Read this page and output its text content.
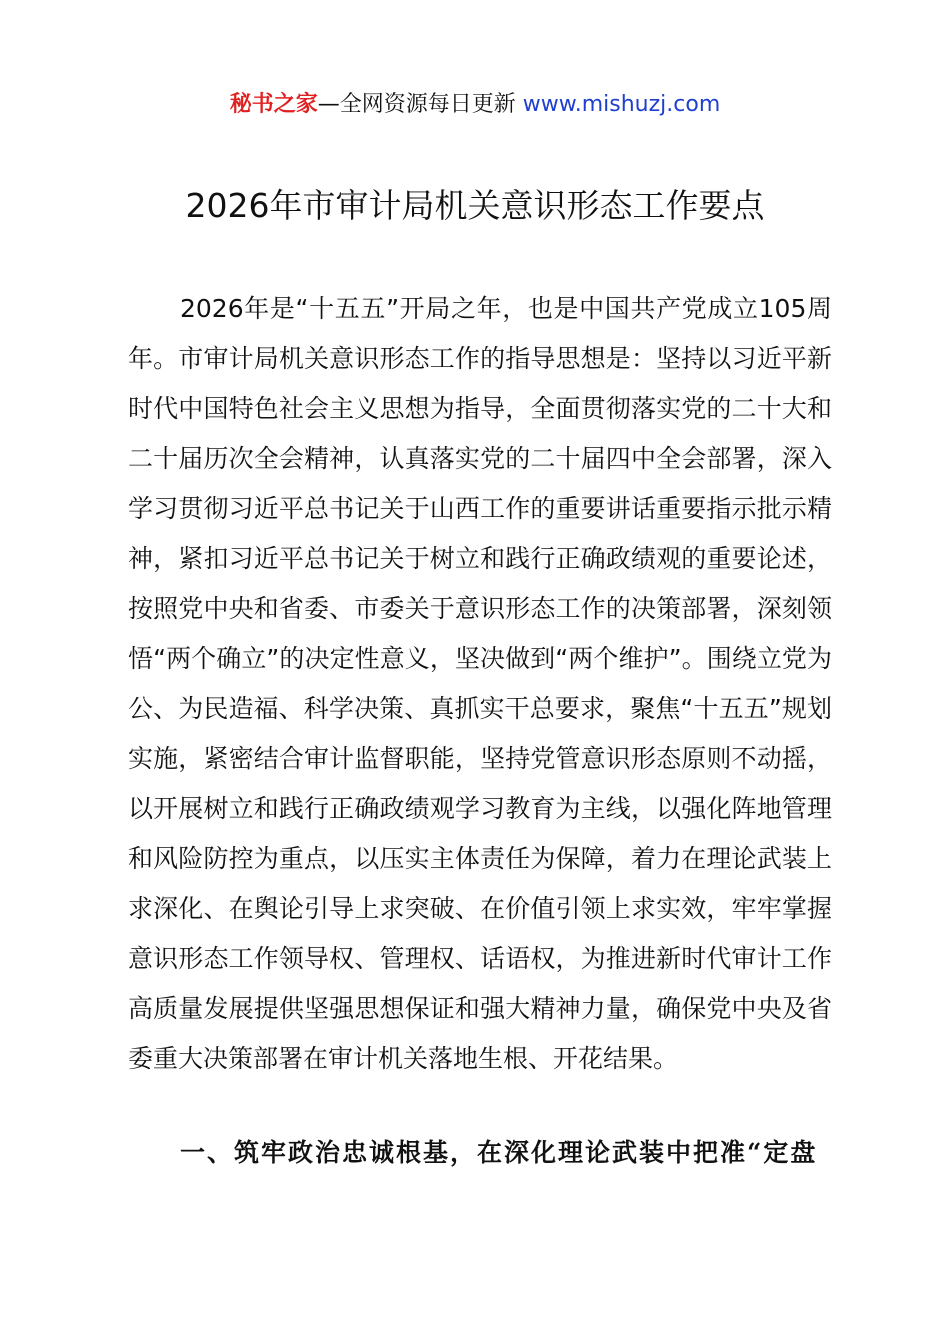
秘书之家—全网资源每日更新 www.mishuzj.com
2026年市审计局机关意识形态工作要点

2026年是“十五五”开局之年，也是中国共产党成立105周年。市审计局机关意识形态工作的指导思想是：坚持以习近平新时代中国特色社会主义思想为指导，全面贯彻落实党的二十大和二十届历次全会精神，认真落实党的二十届四中全会部署，深入学习贯彻习近平总书记关于山西工作的重要讲话重要指示批示精神，紧扣习近平总书记关于树立和践行正确政绩观的重要论述，按照党中央和省委、市委关于意识形态工作的决策部署，深刻领悟“两个确立”的决定性意义，坚决做到“两个维护”。围绕立党为公、为民造福、科学决策、真抓实干总要求，聚焦“十五五”规划实施，紧密结合审计监督职能，坚持党管意识形态原则不动摇，以开展树立和践行正确政绩观学习教育为主线，以强化阵地管理和风险防控为重点，以压实主体责任为保障，着力在理论武装上求深化、在舆论引导上求突破、在价值引领上求实效，牢牢掌握意识形态工作领导权、管理权、话语权，为推进新时代审计工作高质量发展提供坚强思想保证和强大精神力量，确保党中央及省委重大决策部署在审计机关落地生根、开花结果。

一、筑牢政治忠诚根基，在深化理论武装中把准“定盘
